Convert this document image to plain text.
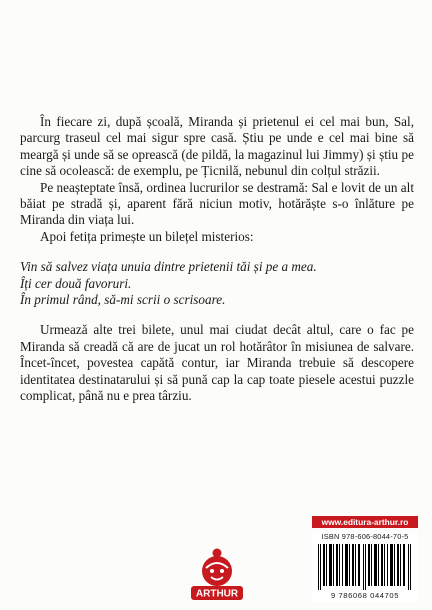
În fiecare zi, după școală, Miranda și prietenul ei cel mai bun, Sal, parcurg traseul cel mai sigur spre casă. Știu pe unde e cel mai bine să meargă și unde să se oprească (de pildă, la magazinul lui Jimmy) și știu pe cine să ocolească: de exemplu, pe Țicnilă, nebunul din colțul străzii.

Pe neașteptate însă, ordinea lucrurilor se destramă: Sal e lovit de un alt băiat pe stradă și, aparent fără niciun motiv, hotărăște s-o înlăture pe Miranda din viața lui.

Apoi fetița primește un bilețel misterios:

Vin să salvez viața unuia dintre prietenii tăi și pe a mea.
Îți cer două favoruri.
În primul rând, să-mi scrii o scrisoare.

Urmează alte trei bilete, unul mai ciudat decât altul, care o fac pe Miranda să creadă că are de jucat un rol hotărâtor în misiunea de salvare. Încet-încet, povestea capătă contur, iar Miranda trebuie să descopere identitatea destinatarului și să pună cap la cap toate piesele acestui puzzle complicat, până nu e prea târziu.

ARTHUR
www.editura-arthur.ro
ISBN 978-606-8044-70-5
9 786068 044705
